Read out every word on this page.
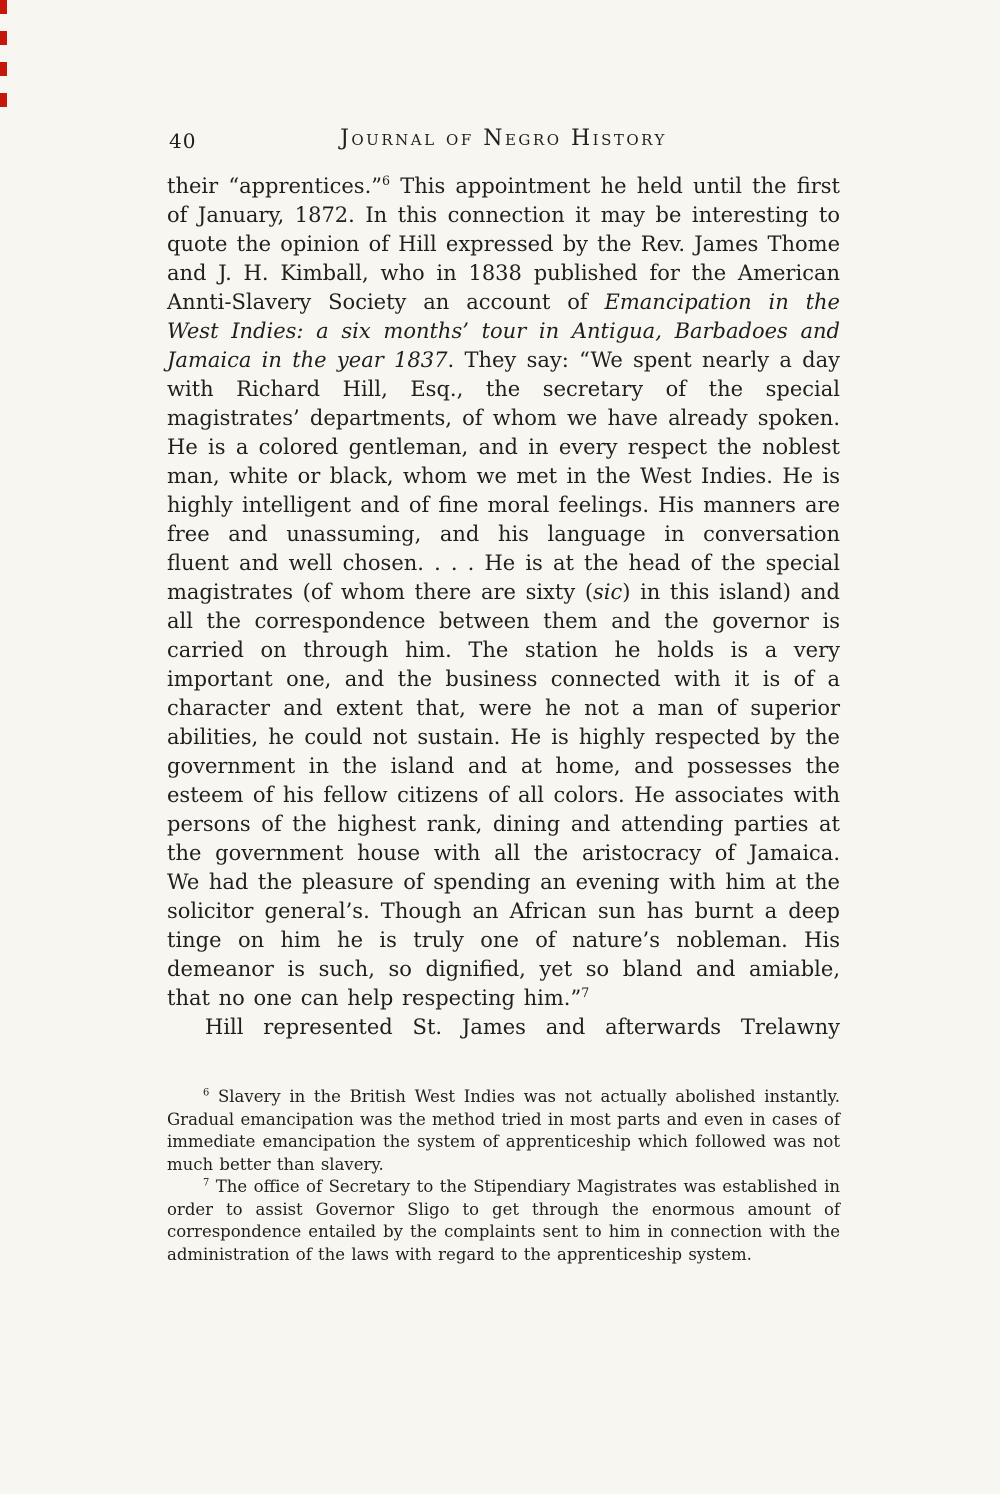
40	Journal of Negro History

their “apprentices.”$^6$ This appointment he held until the first of January, 1872. In this connection it may be interesting to quote the opinion of Hill expressed by the Rev. James Thome and J. H. Kimball, who in 1838 published for the American Annti-Slavery Society an account of Emancipation in the West Indies: a six months’ tour in Antigua, Barbadoes and Jamaica in the year 1837. They say: “We spent nearly a day with Richard Hill, Esq., the secretary of the special magistrates’ departments, of whom we have already spoken. He is a colored gentleman, and in every respect the noblest man, white or black, whom we met in the West Indies. He is highly intelligent and of fine moral feelings. His manners are free and unassuming, and his language in conversation fluent and well chosen. . . . He is at the head of the special magistrates (of whom there are sixty (sic) in this island) and all the correspondence between them and the governor is carried on through him. The station he holds is a very important one, and the business connected with it is of a character and extent that, were he not a man of superior abilities, he could not sustain. He is highly respected by the government in the island and at home, and possesses the esteem of his fellow citizens of all colors. He associates with persons of the highest rank, dining and attending parties at the government house with all the aristocracy of Jamaica. We had the pleasure of spending an evening with him at the solicitor general’s. Though an African sun has burnt a deep tinge on him he is truly one of nature’s nobleman. His demeanor is such, so dignified, yet so bland and amiable, that no one can help respecting him.”$^7$

Hill represented St. James and afterwards Trelawny

$^6$ Slavery in the British West Indies was not actually abolished instantly. Gradual emancipation was the method tried in most parts and even in cases of immediate emancipation the system of apprenticeship which followed was not much better than slavery.

$^7$ The office of Secretary to the Stipendiary Magistrates was established in order to assist Governor Sligo to get through the enormous amount of correspondence entailed by the complaints sent to him in connection with the administration of the laws with regard to the apprenticeship system.
